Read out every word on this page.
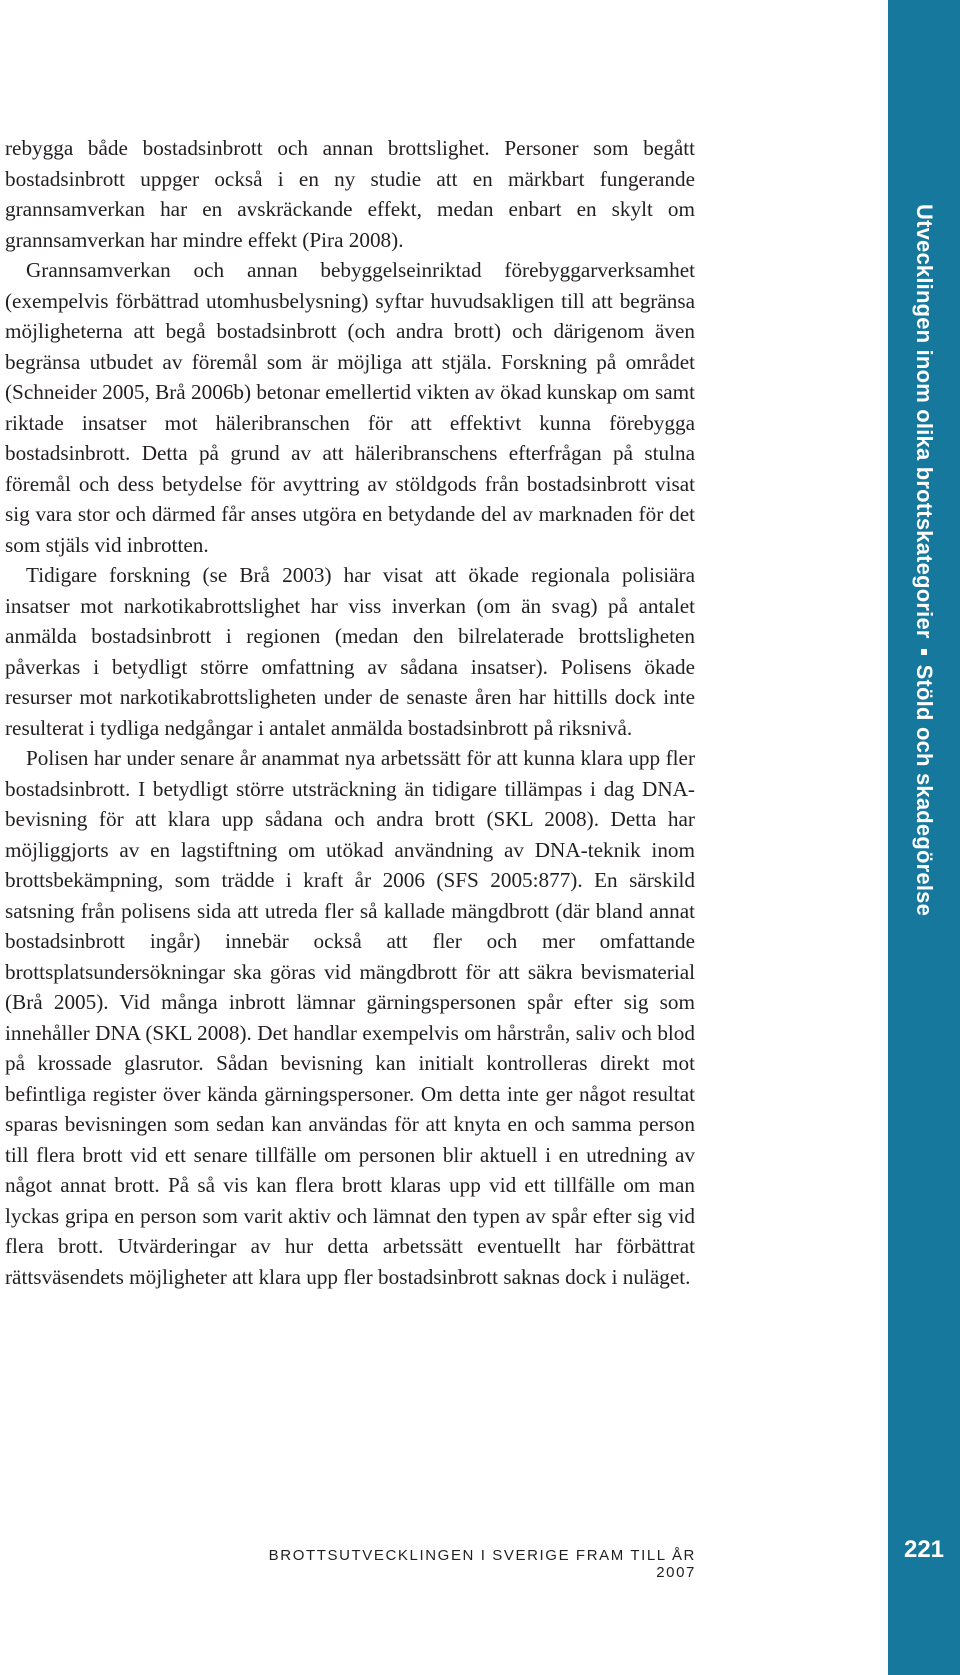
rebygga både bostadsinbrott och annan brottslighet. Personer som begått bostadsinbrott uppger också i en ny studie att en märkbart fungerande grannsamverkan har en avskräckande effekt, medan enbart en skylt om grannsamverkan har mindre effekt (Pira 2008).

Grannsamverkan och annan bebyggelseinriktad förebyggarverksamhet (exempelvis förbättrad utomhusbelysning) syftar huvudsakligen till att begränsa möjligheterna att begå bostadsinbrott (och andra brott) och därigenom även begränsa utbudet av föremål som är möjliga att stjäla. Forskning på området (Schneider 2005, Brå 2006b) betonar emellertid vikten av ökad kunskap om samt riktade insatser mot häleribranschen för att effektivt kunna förebygga bostadsinbrott. Detta på grund av att häleribranschens efterfrågan på stulna föremål och dess betydelse för avyttring av stöldgods från bostadsinbrott visat sig vara stor och därmed får anses utgöra en betydande del av marknaden för det som stjäls vid inbrotten.

Tidigare forskning (se Brå 2003) har visat att ökade regionala polisiära insatser mot narkotikabrottslighet har viss inverkan (om än svag) på antalet anmälda bostadsinbrott i regionen (medan den bilrelaterade brottsligheten påverkas i betydligt större omfattning av sådana insatser). Polisens ökade resurser mot narkotikabrottsligheten under de senaste åren har hittills dock inte resulterat i tydliga nedgångar i antalet anmälda bostadsinbrott på riksnivå.

Polisen har under senare år anammat nya arbetssätt för att kunna klara upp fler bostadsinbrott. I betydligt större utsträckning än tidigare tillämpas i dag DNA-bevisning för att klara upp sådana och andra brott (SKL 2008). Detta har möjliggjorts av en lagstiftning om utökad användning av DNA-teknik inom brottsbekämpning, som trädde i kraft år 2006 (SFS 2005:877). En särskild satsning från polisens sida att utreda fler så kallade mängdbrott (där bland annat bostadsinbrott ingår) innebär också att fler och mer omfattande brottsplatsundersökningar ska göras vid mängdbrott för att säkra bevismaterial (Brå 2005). Vid många inbrott lämnar gärningspersonen spår efter sig som innehåller DNA (SKL 2008). Det handlar exempelvis om hårstrån, saliv och blod på krossade glasrutor. Sådan bevisning kan initialt kontrolleras direkt mot befintliga register över kända gärningspersoner. Om detta inte ger något resultat sparas bevisningen som sedan kan användas för att knyta en och samma person till flera brott vid ett senare tillfälle om personen blir aktuell i en utredning av något annat brott. På så vis kan flera brott klaras upp vid ett tillfälle om man lyckas gripa en person som varit aktiv och lämnat den typen av spår efter sig vid flera brott. Utvärderingar av hur detta arbetssätt eventuellt har förbättrat rättsväsendets möjligheter att klara upp fler bostadsinbrott saknas dock i nuläget.

BROTTSUTVECKLINGEN I SVERIGE FRAM TILL ÅR 2007
Utvecklingen inom olika brottskategorierStöld och skadegörelse
221
